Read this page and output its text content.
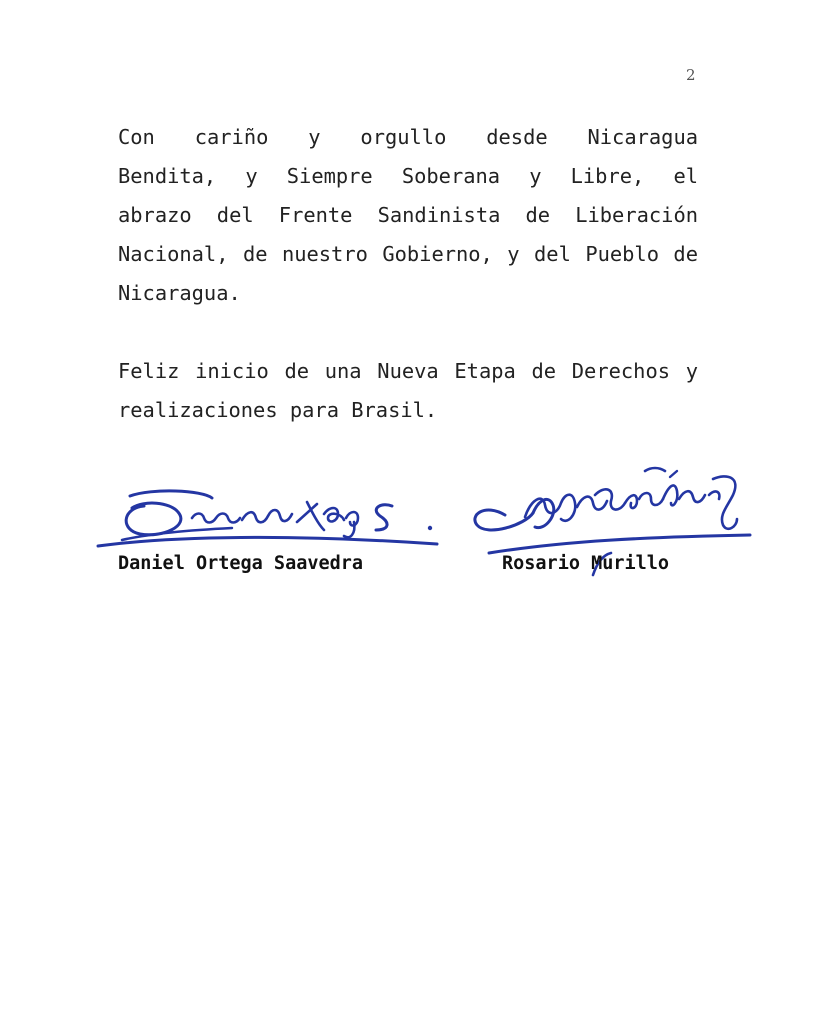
2
Con cariño y orgullo desde Nicaragua
Bendita, y Siempre Soberana y Libre, el
abrazo del Frente Sandinista de Liberación
Nacional, de nuestro Gobierno, y del Pueblo de
Nicaragua.
Feliz inicio de una Nueva Etapa de Derechos y
realizaciones para Brasil.
Daniel Ortega Saavedra	Rosario Murillo
